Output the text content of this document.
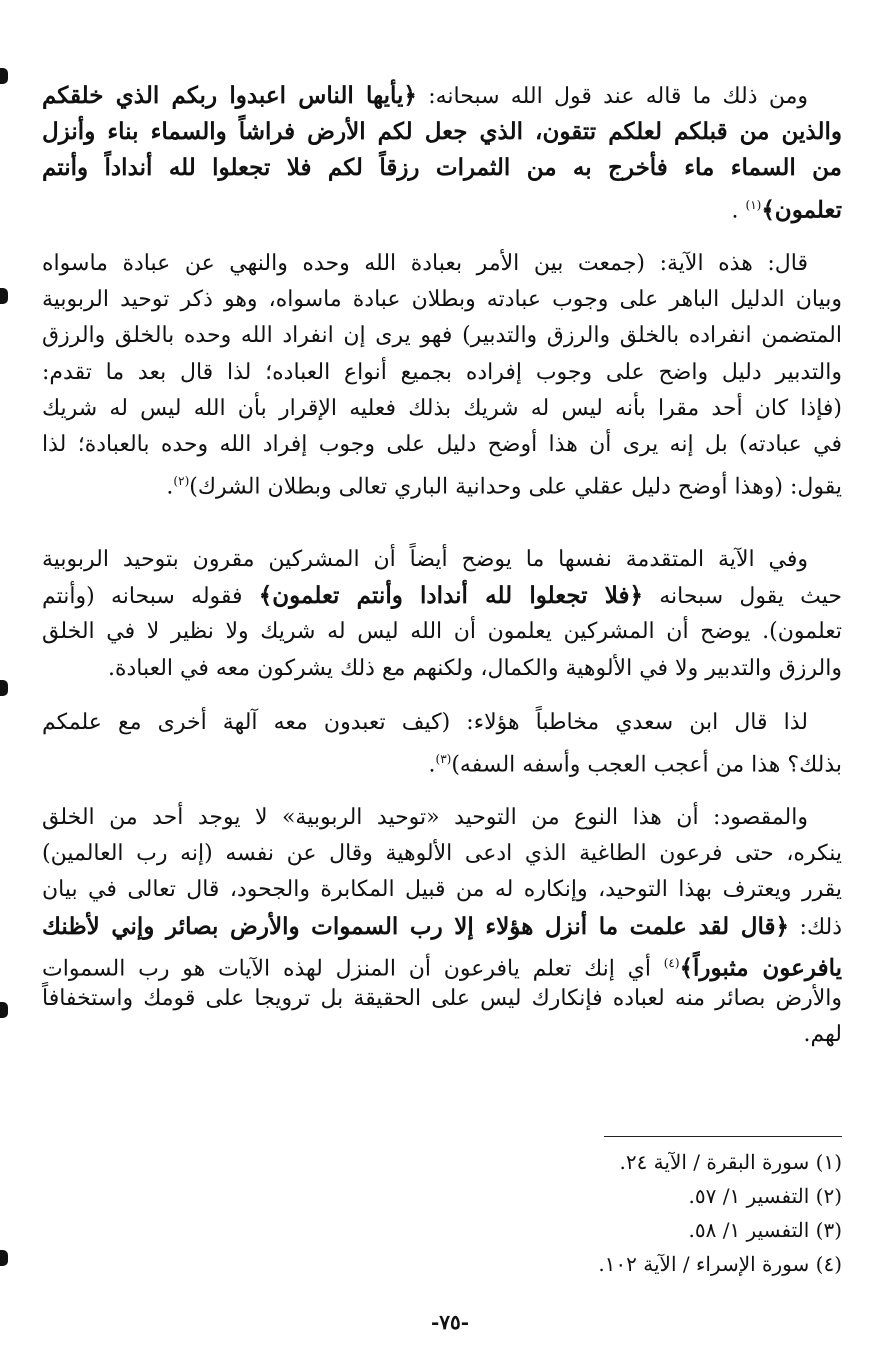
ومن ذلك ما قاله عند قول الله سبحانه: ﴿يأيها الناس اعبدوا ربكم الذي خلقكم
والذين من قبلكم لعلكم تتقون، الذي جعل لكم الأرض فراشاً والسماء بناء وأنزل
من السماء ماء فأخرج به من الثمرات رزقاً لكم فلا تجعلوا لله أنداداً وأنتم
تعلمون﴾$^{(١)}$ .
قال: هذه الآية: (جمعت بين الأمر بعبادة الله وحده والنهي عن عبادة ماسواه
وبيان الدليل الباهر على وجوب عبادته وبطلان عبادة ماسواه، وهو ذكر توحيد الربوبية
المتضمن انفراده بالخلق والرزق والتدبير) فهو يرى إن انفراد الله وحده بالخلق والرزق
والتدبير دليل واضح على وجوب إفراده بجميع أنواع العباده؛ لذا قال بعد ما تقدم:
(فإذا كان أحد مقرا بأنه ليس له شريك بذلك فعليه الإقرار بأن الله ليس له شريك
في عبادته) بل إنه يرى أن هذا أوضح دليل على وجوب إفراد الله وحده بالعبادة؛ لذا
يقول: (وهذا أوضح دليل عقلي على وحدانية الباري تعالى وبطلان الشرك)$^{(٢)}$.
وفي الآية المتقدمة نفسها ما يوضح أيضاً أن المشركين مقرون بتوحيد الربوبية
حيث يقول سبحانه ﴿فلا تجعلوا لله أندادا وأنتم تعلمون﴾ فقوله سبحانه (وأنتم
تعلمون). يوضح أن المشركين يعلمون أن الله ليس له شريك ولا نظير لا في الخلق
والرزق والتدبير ولا في الألوهية والكمال، ولكنهم مع ذلك يشركون معه في العبادة.
لذا قال ابن سعدي مخاطباً هؤلاء: (كيف تعبدون معه آلهة أخرى مع علمكم
بذلك؟ هذا من أعجب العجب وأسفه السفه)$^{(٣)}$.
والمقصود: أن هذا النوع من التوحيد «توحيد الربوبية» لا يوجد أحد من الخلق
ينكره، حتى فرعون الطاغية الذي ادعى الألوهية وقال عن نفسه (إنه رب العالمين)
يقرر ويعترف بهذا التوحيد، وإنكاره له من قبيل المكابرة والجحود، قال تعالى في بيان
ذلك: ﴿قال لقد علمت ما أنزل هؤلاء إلا رب السموات والأرض بصائر وإني لأظنك
يافرعون مثبوراً﴾$^{(٤)}$ أي إنك تعلم يافرعون أن المنزل لهذه الآيات هو رب السموات
والأرض بصائر منه لعباده فإنكارك ليس على الحقيقة بل ترويجا على قومك واستخفافاً
لهم.
(١) سورة البقرة / الآية ٢٤.
(٢) التفسير ١/ ٥٧.
(٣) التفسير ١/ ٥٨.
(٤) سورة الإسراء / الآية ١٠٢.
-٧٥-
